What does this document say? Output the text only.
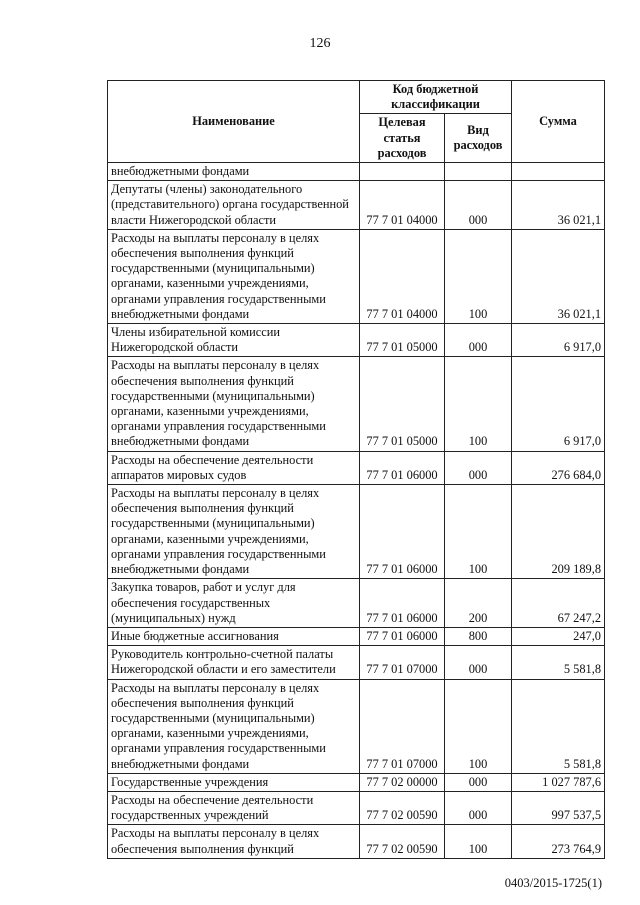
126
Наименование	Код бюджетной классификации		Сумма
	Целевая статья расходов	Вид расходов	
внебюджетными фондами			
Депутаты (члены) законодательного (представительного) органа государственной власти Нижегородской области	77 7 01 04000	000	36 021,1
Расходы на выплаты персоналу в целях обеспечения выполнения функций государственными (муниципальными) органами, казенными учреждениями, органами управления государственными внебюджетными фондами	77 7 01 04000	100	36 021,1
Члены избирательной комиссии Нижегородской области	77 7 01 05000	000	6 917,0
Расходы на выплаты персоналу в целях обеспечения выполнения функций государственными (муниципальными) органами, казенными учреждениями, органами управления государственными внебюджетными фондами	77 7 01 05000	100	6 917,0
Расходы на обеспечение деятельности аппаратов мировых судов	77 7 01 06000	000	276 684,0
Расходы на выплаты персоналу в целях обеспечения выполнения функций государственными (муниципальными) органами, казенными учреждениями, органами управления государственными внебюджетными фондами	77 7 01 06000	100	209 189,8
Закупка товаров, работ и услуг для обеспечения государственных (муниципальных) нужд	77 7 01 06000	200	67 247,2
Иные бюджетные ассигнования	77 7 01 06000	800	247,0
Руководитель контрольно-счетной палаты Нижегородской области и его заместители	77 7 01 07000	000	5 581,8
Расходы на выплаты персоналу в целях обеспечения выполнения функций государственными (муниципальными) органами, казенными учреждениями, органами управления государственными внебюджетными фондами	77 7 01 07000	100	5 581,8
Государственные учреждения	77 7 02 00000	000	1 027 787,6
Расходы на обеспечение деятельности государственных учреждений	77 7 02 00590	000	997 537,5
Расходы на выплаты персоналу в целях обеспечения выполнения функций	77 7 02 00590	100	273 764,9
0403/2015-1725(1)
